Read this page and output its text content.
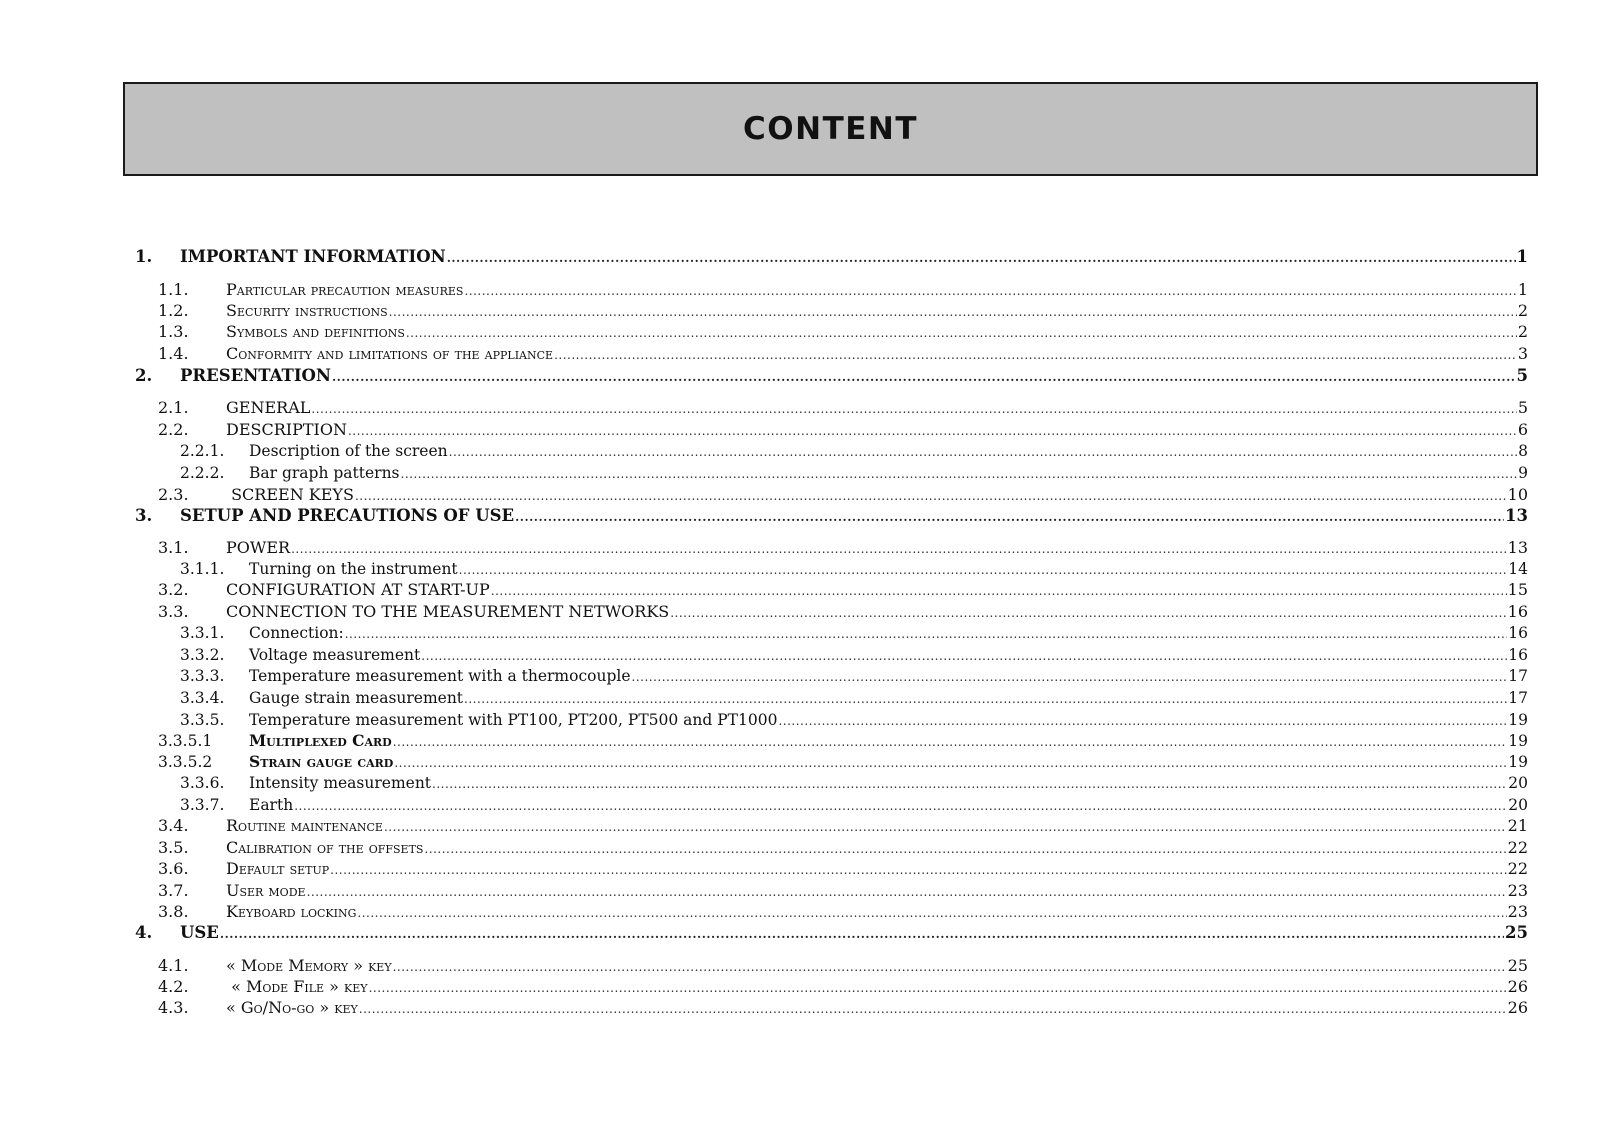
CONTENT
1. IMPORTANT INFORMATION .....	1
1.1. Particular precaution measures .....	1
1.2. Security instructions .....	2
1.3. Symbols and definitions .....	2
1.4. Conformity and limitations of the appliance .....	3
2. PRESENTATION .....	5
2.1. GENERAL .....	5
2.2. DESCRIPTION .....	6
2.2.1. Description of the screen .....	8
2.2.2. Bar graph patterns .....	9
2.3. SCREEN KEYS .....	10
3. SETUP AND PRECAUTIONS OF USE .....	13
3.1. POWER .....	13
3.1.1. Turning on the instrument .....	14
3.2. CONFIGURATION AT START-UP .....	15
3.3. CONNECTION TO THE MEASUREMENT NETWORKS .....	16
3.3.1. Connection: .....	16
3.3.2. Voltage measurement .....	16
3.3.3. Temperature measurement with a thermocouple .....	17
3.3.4. Gauge strain measurement .....	17
3.3.5. Temperature measurement with PT100, PT200, PT500 and PT1000 .....	19
3.3.5.1 Multiplexed Card .....	19
3.3.5.2 Strain gauge card .....	19
3.3.6. Intensity measurement .....	20
3.3.7. Earth .....	20
3.4. Routine maintenance .....	21
3.5. Calibration of the offsets .....	22
3.6. Default setup .....	22
3.7. User mode .....	23
3.8. Keyboard locking .....	23
4. USE .....	25
4.1. « Mode Memory » key .....	25
4.2. « Mode File » key .....	26
4.3. « Go/No-go » key .....	26
